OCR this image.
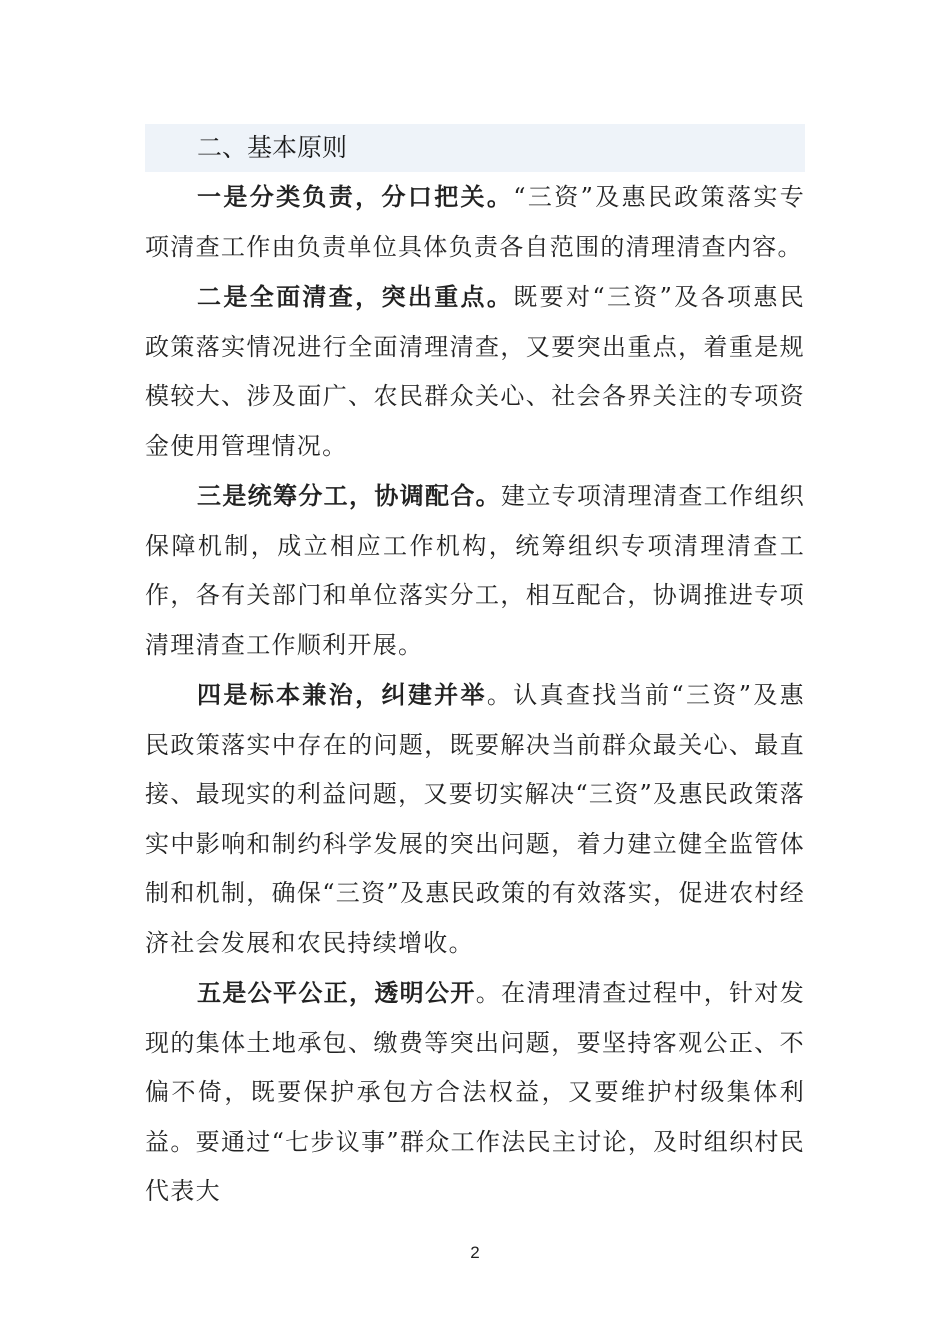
二、基本原则

一是分类负责，分口把关。“三资”及惠民政策落实专项清查工作由负责单位具体负责各自范围的清理清查内容。

二是全面清查，突出重点。既要对“三资”及各项惠民政策落实情况进行全面清理清查，又要突出重点，着重是规模较大、涉及面广、农民群众关心、社会各界关注的专项资金使用管理情况。

三是统筹分工，协调配合。建立专项清理清查工作组织保障机制，成立相应工作机构，统筹组织专项清理清查工作，各有关部门和单位落实分工，相互配合，协调推进专项清理清查工作顺利开展。

四是标本兼治，纠建并举。认真查找当前“三资”及惠民政策落实中存在的问题，既要解决当前群众最关心、最直接、最现实的利益问题，又要切实解决“三资”及惠民政策落实中影响和制约科学发展的突出问题，着力建立健全监管体制和机制，确保“三资”及惠民政策的有效落实，促进农村经济社会发展和农民持续增收。

五是公平公正，透明公开。在清理清查过程中，针对发现的集体土地承包、缴费等突出问题，要坚持客观公正、不偏不倚，既要保护承包方合法权益，又要维护村级集体利益。要通过“七步议事”群众工作法民主讨论，及时组织村民代表大

2
